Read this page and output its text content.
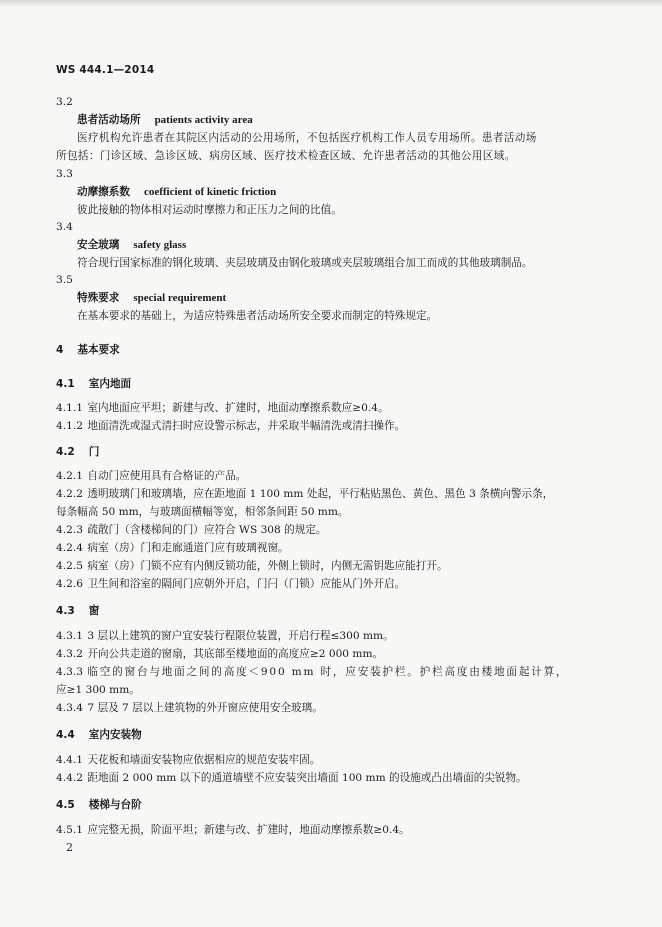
WS 444.1—2014
3.2
患者活动场所 patients activity area
医疗机构允许患者在其院区内活动的公用场所，不包括医疗机构工作人员专用场所。患者活动场
所包括：门诊区域、急诊区域、病房区域、医疗技术检查区域、允许患者活动的其他公用区域。
3.3
动摩擦系数 coefficient of kinetic friction
彼此接触的物体相对运动时摩擦力和正压力之间的比值。
3.4
安全玻璃 safety glass
符合现行国家标准的钢化玻璃、夹层玻璃及由钢化玻璃或夹层玻璃组合加工而成的其他玻璃制品。
3.5
特殊要求 special requirement
在基本要求的基础上，为适应特殊患者活动场所安全要求而制定的特殊规定。
4 基本要求
4.1 室内地面
4.1.1 室内地面应平坦；新建与改、扩建时，地面动摩擦系数应≥0.4。
4.1.2 地面清洗或湿式清扫时应设警示标志，并采取半幅清洗或清扫操作。
4.2 门
4.2.1 自动门应使用具有合格证的产品。
4.2.2 透明玻璃门和玻璃墙，应在距地面 1 100 mm 处起，平行粘贴黑色、黄色、黑色 3 条横向警示条，
每条幅高 50 mm，与玻璃面横幅等宽，相邻条间距 50 mm。
4.2.3 疏散门（含楼梯间的门）应符合 WS 308 的规定。
4.2.4 病室（房）门和走廊通道门应有玻璃视窗。
4.2.5 病室（房）门锁不应有内侧反锁功能，外侧上锁时，内侧无需钥匙应能打开。
4.2.6 卫生间和浴室的隔间门应朝外开启，门闩（门锁）应能从门外开启。
4.3 窗
4.3.1 3 层以上建筑的窗户宜安装行程限位装置，开启行程≤300 mm。
4.3.2 开向公共走道的窗扇，其底部至楼地面的高度应≥2 000 mm。
4.3.3 临空的窗台与地面之间的高度＜900 mm 时，应安装护栏。护栏高度由楼地面起计算，
应≥1 300 mm。
4.3.4 7 层及 7 层以上建筑物的外开窗应使用安全玻璃。
4.4 室内安装物
4.4.1 天花板和墙面安装物应依据相应的规范安装牢固。
4.4.2 距地面 2 000 mm 以下的通道墙壁不应安装突出墙面 100 mm 的设施或凸出墙面的尖锐物。
4.5 楼梯与台阶
4.5.1 应完整无损，阶面平坦；新建与改、扩建时，地面动摩擦系数≥0.4。
2
